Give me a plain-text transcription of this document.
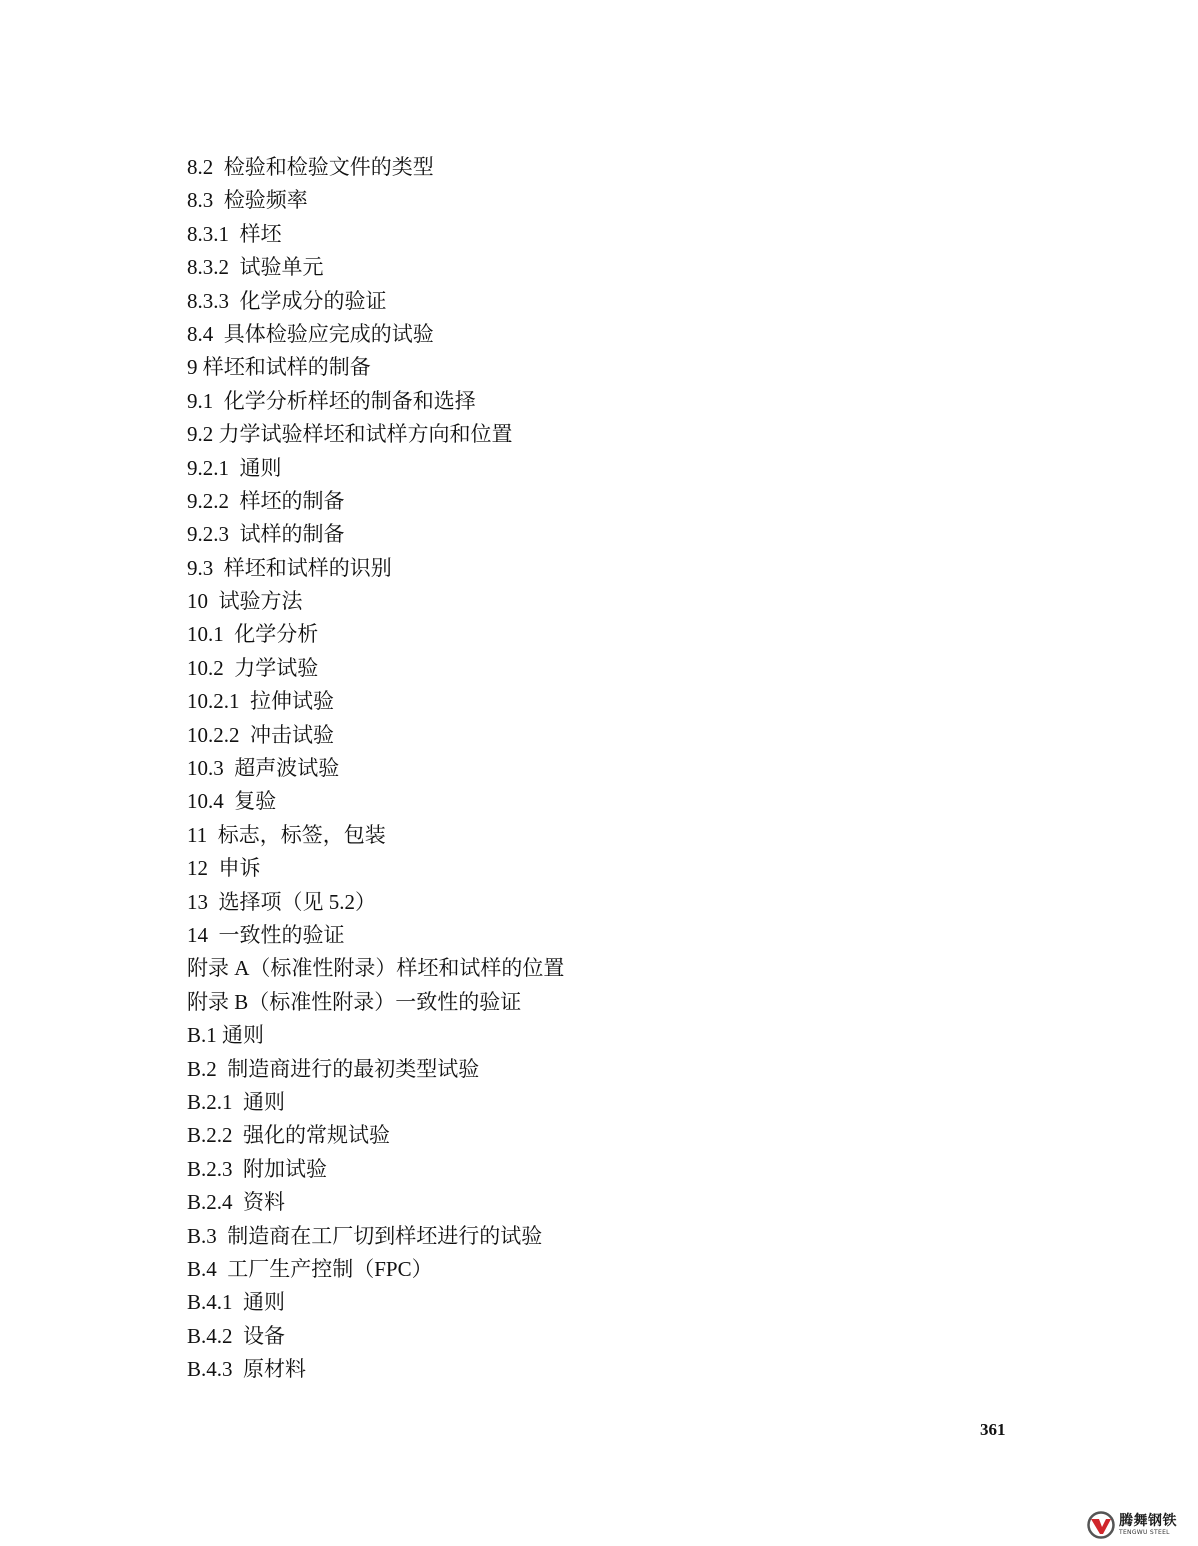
8.2  检验和检验文件的类型
8.3  检验频率
8.3.1  样坯
8.3.2  试验单元
8.3.3  化学成分的验证
8.4  具体检验应完成的试验
9 样坯和试样的制备
9.1  化学分析样坯的制备和选择
9.2 力学试验样坯和试样方向和位置
9.2.1  通则
9.2.2  样坯的制备
9.2.3  试样的制备
9.3  样坯和试样的识别
10  试验方法
10.1  化学分析
10.2  力学试验
10.2.1  拉伸试验
10.2.2  冲击试验
10.3  超声波试验
10.4  复验
11  标志，标签，包装
12  申诉
13  选择项（见 5.2）
14  一致性的验证
附录 A（标准性附录）样坯和试样的位置
附录 B（标准性附录）一致性的验证
B.1 通则
B.2  制造商进行的最初类型试验
B.2.1  通则
B.2.2  强化的常规试验
B.2.3  附加试验
B.2.4  资料
B.3  制造商在工厂切到样坯进行的试验
B.4  工厂生产控制（FPC）
B.4.1  通则
B.4.2  设备
B.4.3  原材料
361
腾舞钢铁
TENGWU STEEL
